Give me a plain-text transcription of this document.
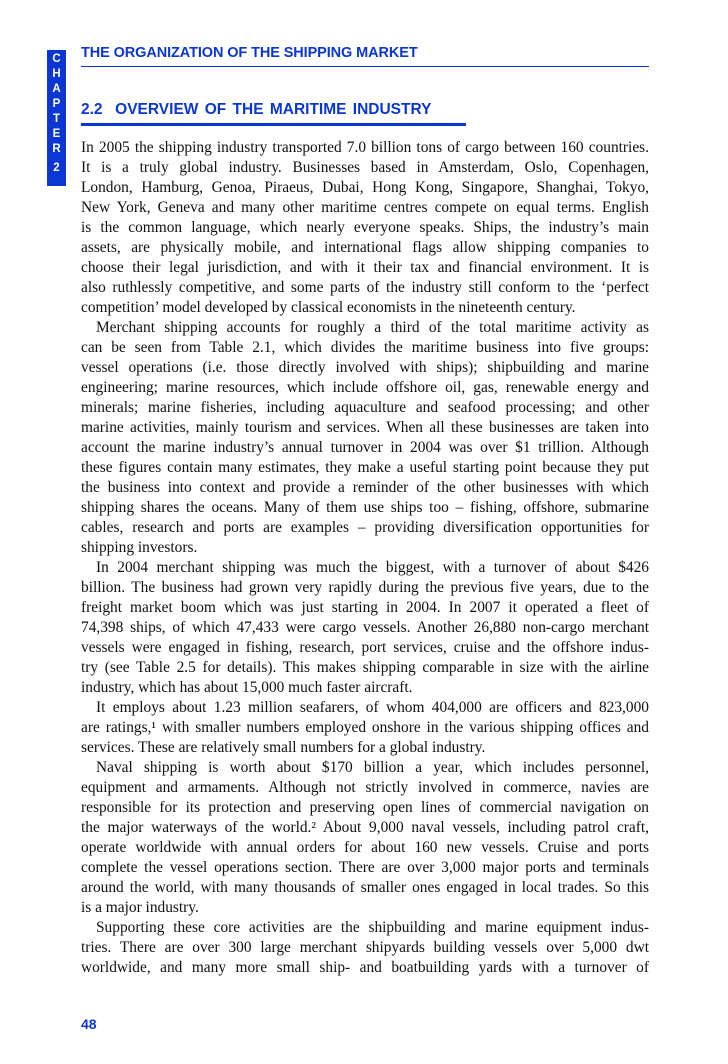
C
H
A
P
T
E
R
2
THE ORGANIZATION OF THE SHIPPING MARKET
2.2  OVERVIEW OF THE MARITIME INDUSTRY
In 2005 the shipping industry transported 7.0 billion tons of cargo between 160 countries.
It is a truly global industry. Businesses based in Amsterdam, Oslo, Copenhagen,
London, Hamburg, Genoa, Piraeus, Dubai, Hong Kong, Singapore, Shanghai, Tokyo,
New York, Geneva and many other maritime centres compete on equal terms. English
is the common language, which nearly everyone speaks. Ships, the industry’s main
assets, are physically mobile, and international flags allow shipping companies to
choose their legal jurisdiction, and with it their tax and financial environment. It is
also ruthlessly competitive, and some parts of the industry still conform to the ‘perfect
competition’ model developed by classical economists in the nineteenth century.
Merchant shipping accounts for roughly a third of the total maritime activity as
can be seen from Table 2.1, which divides the maritime business into five groups:
vessel operations (i.e. those directly involved with ships); shipbuilding and marine
engineering; marine resources, which include offshore oil, gas, renewable energy and
minerals; marine fisheries, including aquaculture and seafood processing; and other
marine activities, mainly tourism and services. When all these businesses are taken into
account the marine industry’s annual turnover in 2004 was over $1 trillion. Although
these figures contain many estimates, they make a useful starting point because they put
the business into context and provide a reminder of the other businesses with which
shipping shares the oceans. Many of them use ships too – fishing, offshore, submarine
cables, research and ports are examples – providing diversification opportunities for
shipping investors.
In 2004 merchant shipping was much the biggest, with a turnover of about $426
billion. The business had grown very rapidly during the previous five years, due to the
freight market boom which was just starting in 2004. In 2007 it operated a fleet of
74,398 ships, of which 47,433 were cargo vessels. Another 26,880 non-cargo merchant
vessels were engaged in fishing, research, port services, cruise and the offshore indus-
try (see Table 2.5 for details). This makes shipping comparable in size with the airline
industry, which has about 15,000 much faster aircraft.
It employs about 1.23 million seafarers, of whom 404,000 are officers and 823,000
are ratings,¹ with smaller numbers employed onshore in the various shipping offices and
services. These are relatively small numbers for a global industry.
Naval shipping is worth about $170 billion a year, which includes personnel,
equipment and armaments. Although not strictly involved in commerce, navies are
responsible for its protection and preserving open lines of commercial navigation on
the major waterways of the world.² About 9,000 naval vessels, including patrol craft,
operate worldwide with annual orders for about 160 new vessels. Cruise and ports
complete the vessel operations section. There are over 3,000 major ports and terminals
around the world, with many thousands of smaller ones engaged in local trades. So this
is a major industry.
Supporting these core activities are the shipbuilding and marine equipment indus-
tries. There are over 300 large merchant shipyards building vessels over 5,000 dwt
worldwide, and many more small ship- and boatbuilding yards with a turnover of
48
